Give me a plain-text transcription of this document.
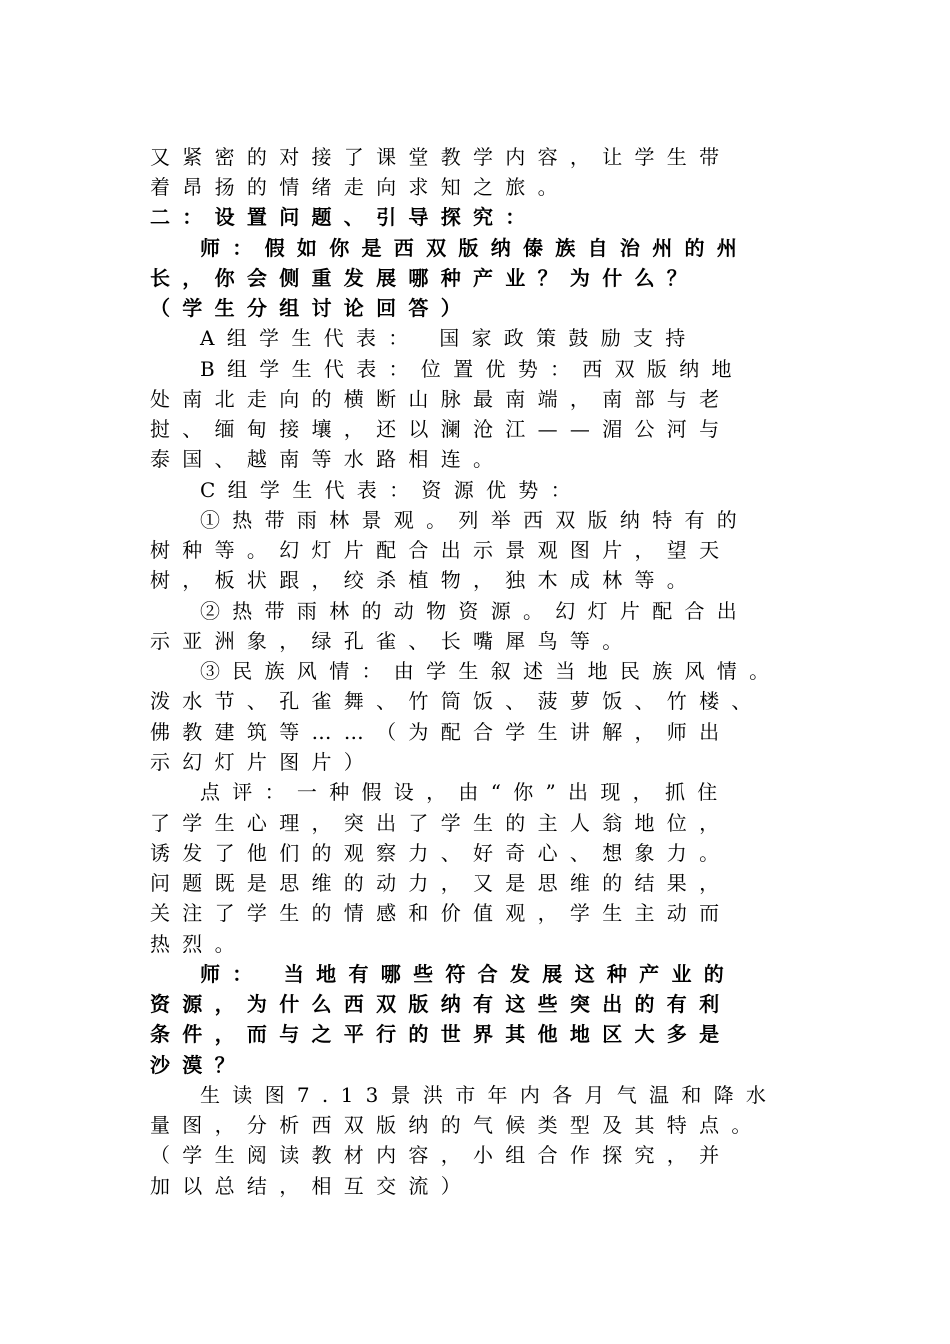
又紧密的对接了课堂教学内容，让学生带
着昂扬的情绪走向求知之旅。
二：设置问题、引导探究：
师：假如你是西双版纳傣族自治州的州
长，你会侧重发展哪种产业？为什么？
（学生分组讨论回答）
A组学生代表： 国家政策鼓励支持
B组学生代表：位置优势：西双版纳地
处南北走向的横断山脉最南端，南部与老
挝、缅甸接壤，还以澜沧江——湄公河与
泰国、越南等水路相连。
C组学生代表：资源优势：
①热带雨林景观。列举西双版纳特有的
树种等。幻灯片配合出示景观图片，望天
树，板状跟，绞杀植物，独木成林等。
②热带雨林的动物资源。幻灯片配合出
示亚洲象，绿孔雀、长嘴犀鸟等。
③民族风情：由学生叙述当地民族风情。
泼水节、孔雀舞、竹筒饭、菠萝饭、竹楼、
佛教建筑等……（为配合学生讲解，师出
示幻灯片图片）
点评：一种假设，由“你”出现，抓住
了学生心理，突出了学生的主人翁地位，
诱发了他们的观察力、好奇心、想象力。
问题既是思维的动力，又是思维的结果，
关注了学生的情感和价值观，学生主动而
热烈。
师： 当地有哪些符合发展这种产业的
资源，为什么西双版纳有这些突出的有利
条件，而与之平行的世界其他地区大多是
沙漠？
生读图7.13景洪市年内各月气温和降水
量图，分析西双版纳的气候类型及其特点。
（学生阅读教材内容，小组合作探究，并
加以总结，相互交流）
